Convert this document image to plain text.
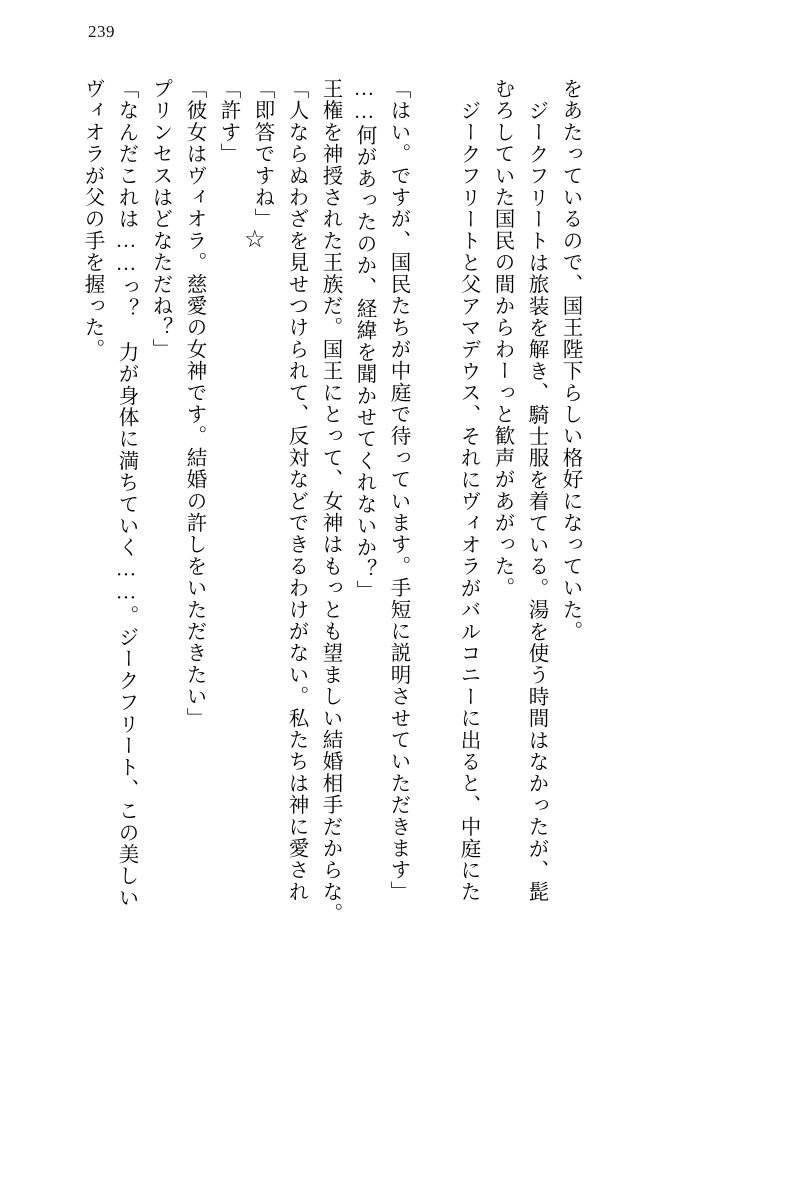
239
☆
ヴィオラが父の手を握った。 「なんだこれは……っ？　力が身体に満ちていく……。ジークフリート、この美しい プリンセスはどなただね？」 「彼女はヴィオラ。慈愛の女神です。結婚の許しをいただきたい」 「許す」 「即答ですね」 「人ならぬわざを見せつけられて、反対などできるわけがない。私たちは神に愛され 王権を神授された王族だ。国王にとって、女神はもっとも望ましい結婚相手だからな。 ……何があったのか、経緯を聞かせてくれないか？」 「はい。ですが、国民たちが中庭で待っています。手短に説明させていただきます」	ジークフリートと父アマデウス、それにヴィオラがバルコニーに出ると、中庭にた むろしていた国民の間からわーっと歓声があがった。 ジークフリートは旅装を解き、騎士服を着ている。湯を使う時間はなかったが、髭 をあたっているので、国王陛下らしい格好になっていた。
